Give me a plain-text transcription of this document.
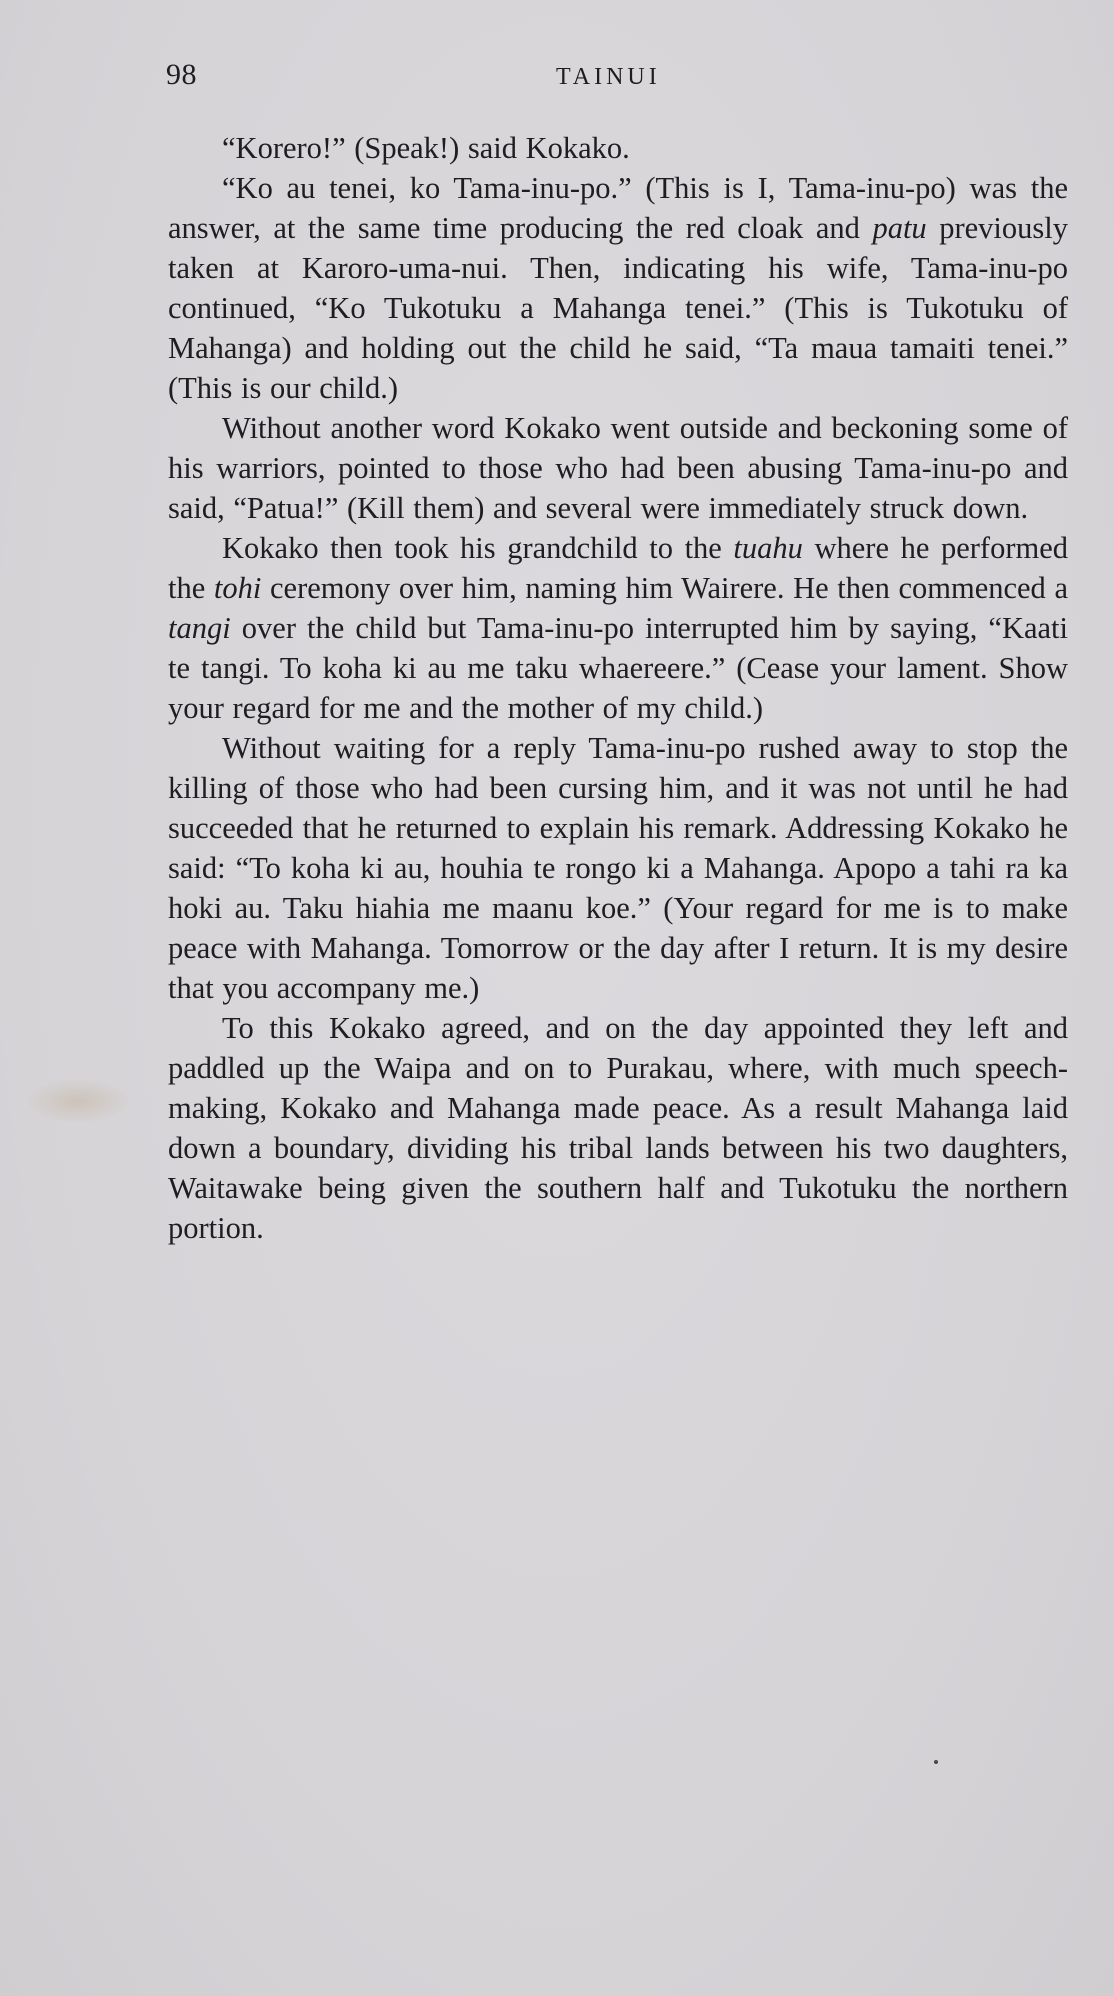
98	TAINUI

“Korero!” (Speak!) said Kokako.

“Ko au tenei, ko Tama-inu-po.” (This is I, Tama-inu-po) was the answer, at the same time producing the red cloak and patu previously taken at Karoro-uma-nui. Then, indicating his wife, Tama-inu-po continued, “Ko Tukotuku a Mahanga tenei.” (This is Tukotuku of Mahanga) and holding out the child he said, “Ta maua tamaiti tenei.” (This is our child.)

Without another word Kokako went outside and beckoning some of his warriors, pointed to those who had been abusing Tama-inu-po and said, “Patua!” (Kill them) and several were immediately struck down.

Kokako then took his grandchild to the tuahu where he performed the tohi ceremony over him, naming him Wairere. He then commenced a tangi over the child but Tama-inu-po interrupted him by saying, “Kaati te tangi. To koha ki au me taku whaereere.” (Cease your lament. Show your regard for me and the mother of my child.)

Without waiting for a reply Tama-inu-po rushed away to stop the killing of those who had been cursing him, and it was not until he had succeeded that he returned to explain his remark. Addressing Kokako he said: “To koha ki au, houhia te rongo ki a Mahanga. Apopo a tahi ra ka hoki au. Taku hiahia me maanu koe.” (Your regard for me is to make peace with Mahanga. Tomorrow or the day after I return. It is my desire that you accompany me.)

To this Kokako agreed, and on the day appointed they left and paddled up the Waipa and on to Purakau, where, with much speech-making, Kokako and Mahanga made peace. As a result Mahanga laid down a boundary, dividing his tribal lands between his two daughters, Waitawake being given the southern half and Tukotuku the northern portion.
